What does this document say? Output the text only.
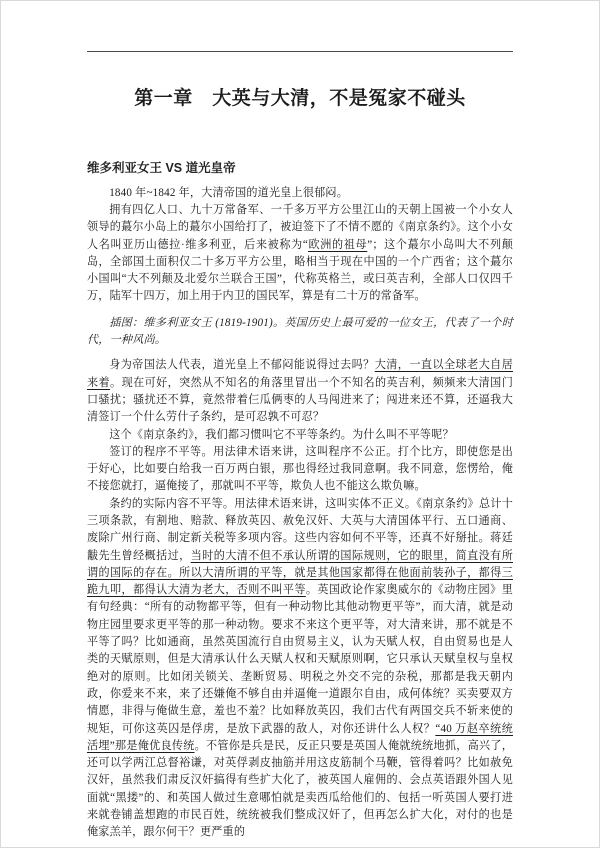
第一章　大英与大清，不是冤家不碰头
维多利亚女王 VS 道光皇帝

1840 年~1842 年，大清帝国的道光皇上很郁闷。

拥有四亿人口、九十万常备军、一千多万平方公里江山的天朝上国被一个小女人领导的蕞尔小岛上的蕞尔小国给打了，被迫签下了不情不愿的《南京条约》。这个小女人名叫亚历山德拉·维多利亚，后来被称为“欧洲的祖母”；这个蕞尔小岛叫大不列颠岛，全部国土面积仅二十多万平方公里，略相当于现在中国的一个广西省；这个蕞尔小国叫“大不列颠及北爱尔兰联合王国”，代称英格兰，或曰英吉利，全部人口仅四千万，陆军十四万，加上用于内卫的国民军，算是有二十万的常备军。

插图：维多利亚女王 (1819-1901)。英国历史上最可爱的一位女王，代表了一个时代，一种风尚。

身为帝国法人代表，道光皇上不郁闷能说得过去吗？大清，一直以全球老大自居来着。现在可好，突然从不知名的角落里冒出一个不知名的英吉利，频频来大清国门口骚扰；骚扰还不算，竟然带着仨瓜俩枣的人马闯进来了；闯进来还不算，还逼我大清签订一个什么劳什子条约，是可忍孰不可忍？

这个《南京条约》，我们都习惯叫它不平等条约。为什么叫不平等呢？

签订的程序不平等。用法律术语来讲，这叫程序不公正。打个比方，即使您是出于好心，比如要白给我一百万两白银，那也得经过我同意啊。我不同意，您愣给，俺不接您就打，逼俺接了，那就叫不平等，欺负人也不能这么欺负嘛。

条约的实际内容不平等。用法律术语来讲，这叫实体不正义。《南京条约》总计十三项条款，有割地、赔款、释放英囚、赦免汉奸、大英与大清国体平行、五口通商、废除广州行商、制定新关税等多项内容。这些内容如何不平等，还真不好掰扯。蒋廷黻先生曾经概括过，当时的大清不但不承认所谓的国际规则，它的眼里，简直没有所谓的国际的存在。所以大清所谓的平等，就是其他国家都得在他面前装孙子，都得三跪九叩，都得认大清为老大，否则不叫平等。英国政论作家奥威尔的《动物庄园》里有句经典：“所有的动物都平等，但有一种动物比其他动物更平等”，而大清，就是动物庄园里要求更平等的那一种动物。要求不来这个更平等，对大清来讲，那不就是不平等了吗？比如通商，虽然英国流行自由贸易主义，认为天赋人权，自由贸易也是人类的天赋原则，但是大清承认什么天赋人权和天赋原则啊，它只承认天赋皇权与皇权绝对的原则。比如闭关锁关、垄断贸易、明税之外交不完的杂税，那都是我天朝内政，你爱来不来，来了还嫌俺不够自由并逼俺一道跟尔自由，成何体统？买卖要双方情愿，非得与俺做生意，羞也不羞？比如释放英囚，我们古代有两国交兵不斩来使的规矩，可你这英囚是俘虏，是放下武器的敌人，对你还讲什么人权？“40 万赵卒统统活埋”那是俺优良传统。不管你是兵是民，反正只要是英国人俺就统统地抓，高兴了，还可以学两江总督裕谦，对英俘剥皮抽筋并用这皮筋制个马鞭，管得着吗？比如赦免汉奸，虽然我们肃反汉奸搞得有些扩大化了，被英国人雇佣的、会点英语跟外国人见面就“黑搂”的、和英国人做过生意哪怕就是卖西瓜给他们的、包括一听英国人要打进来就卷铺盖想跑的市民百姓，统统被我们整成汉奸了，但再怎么扩大化，对付的也是俺家羔羊，跟尔何干？更严重的
